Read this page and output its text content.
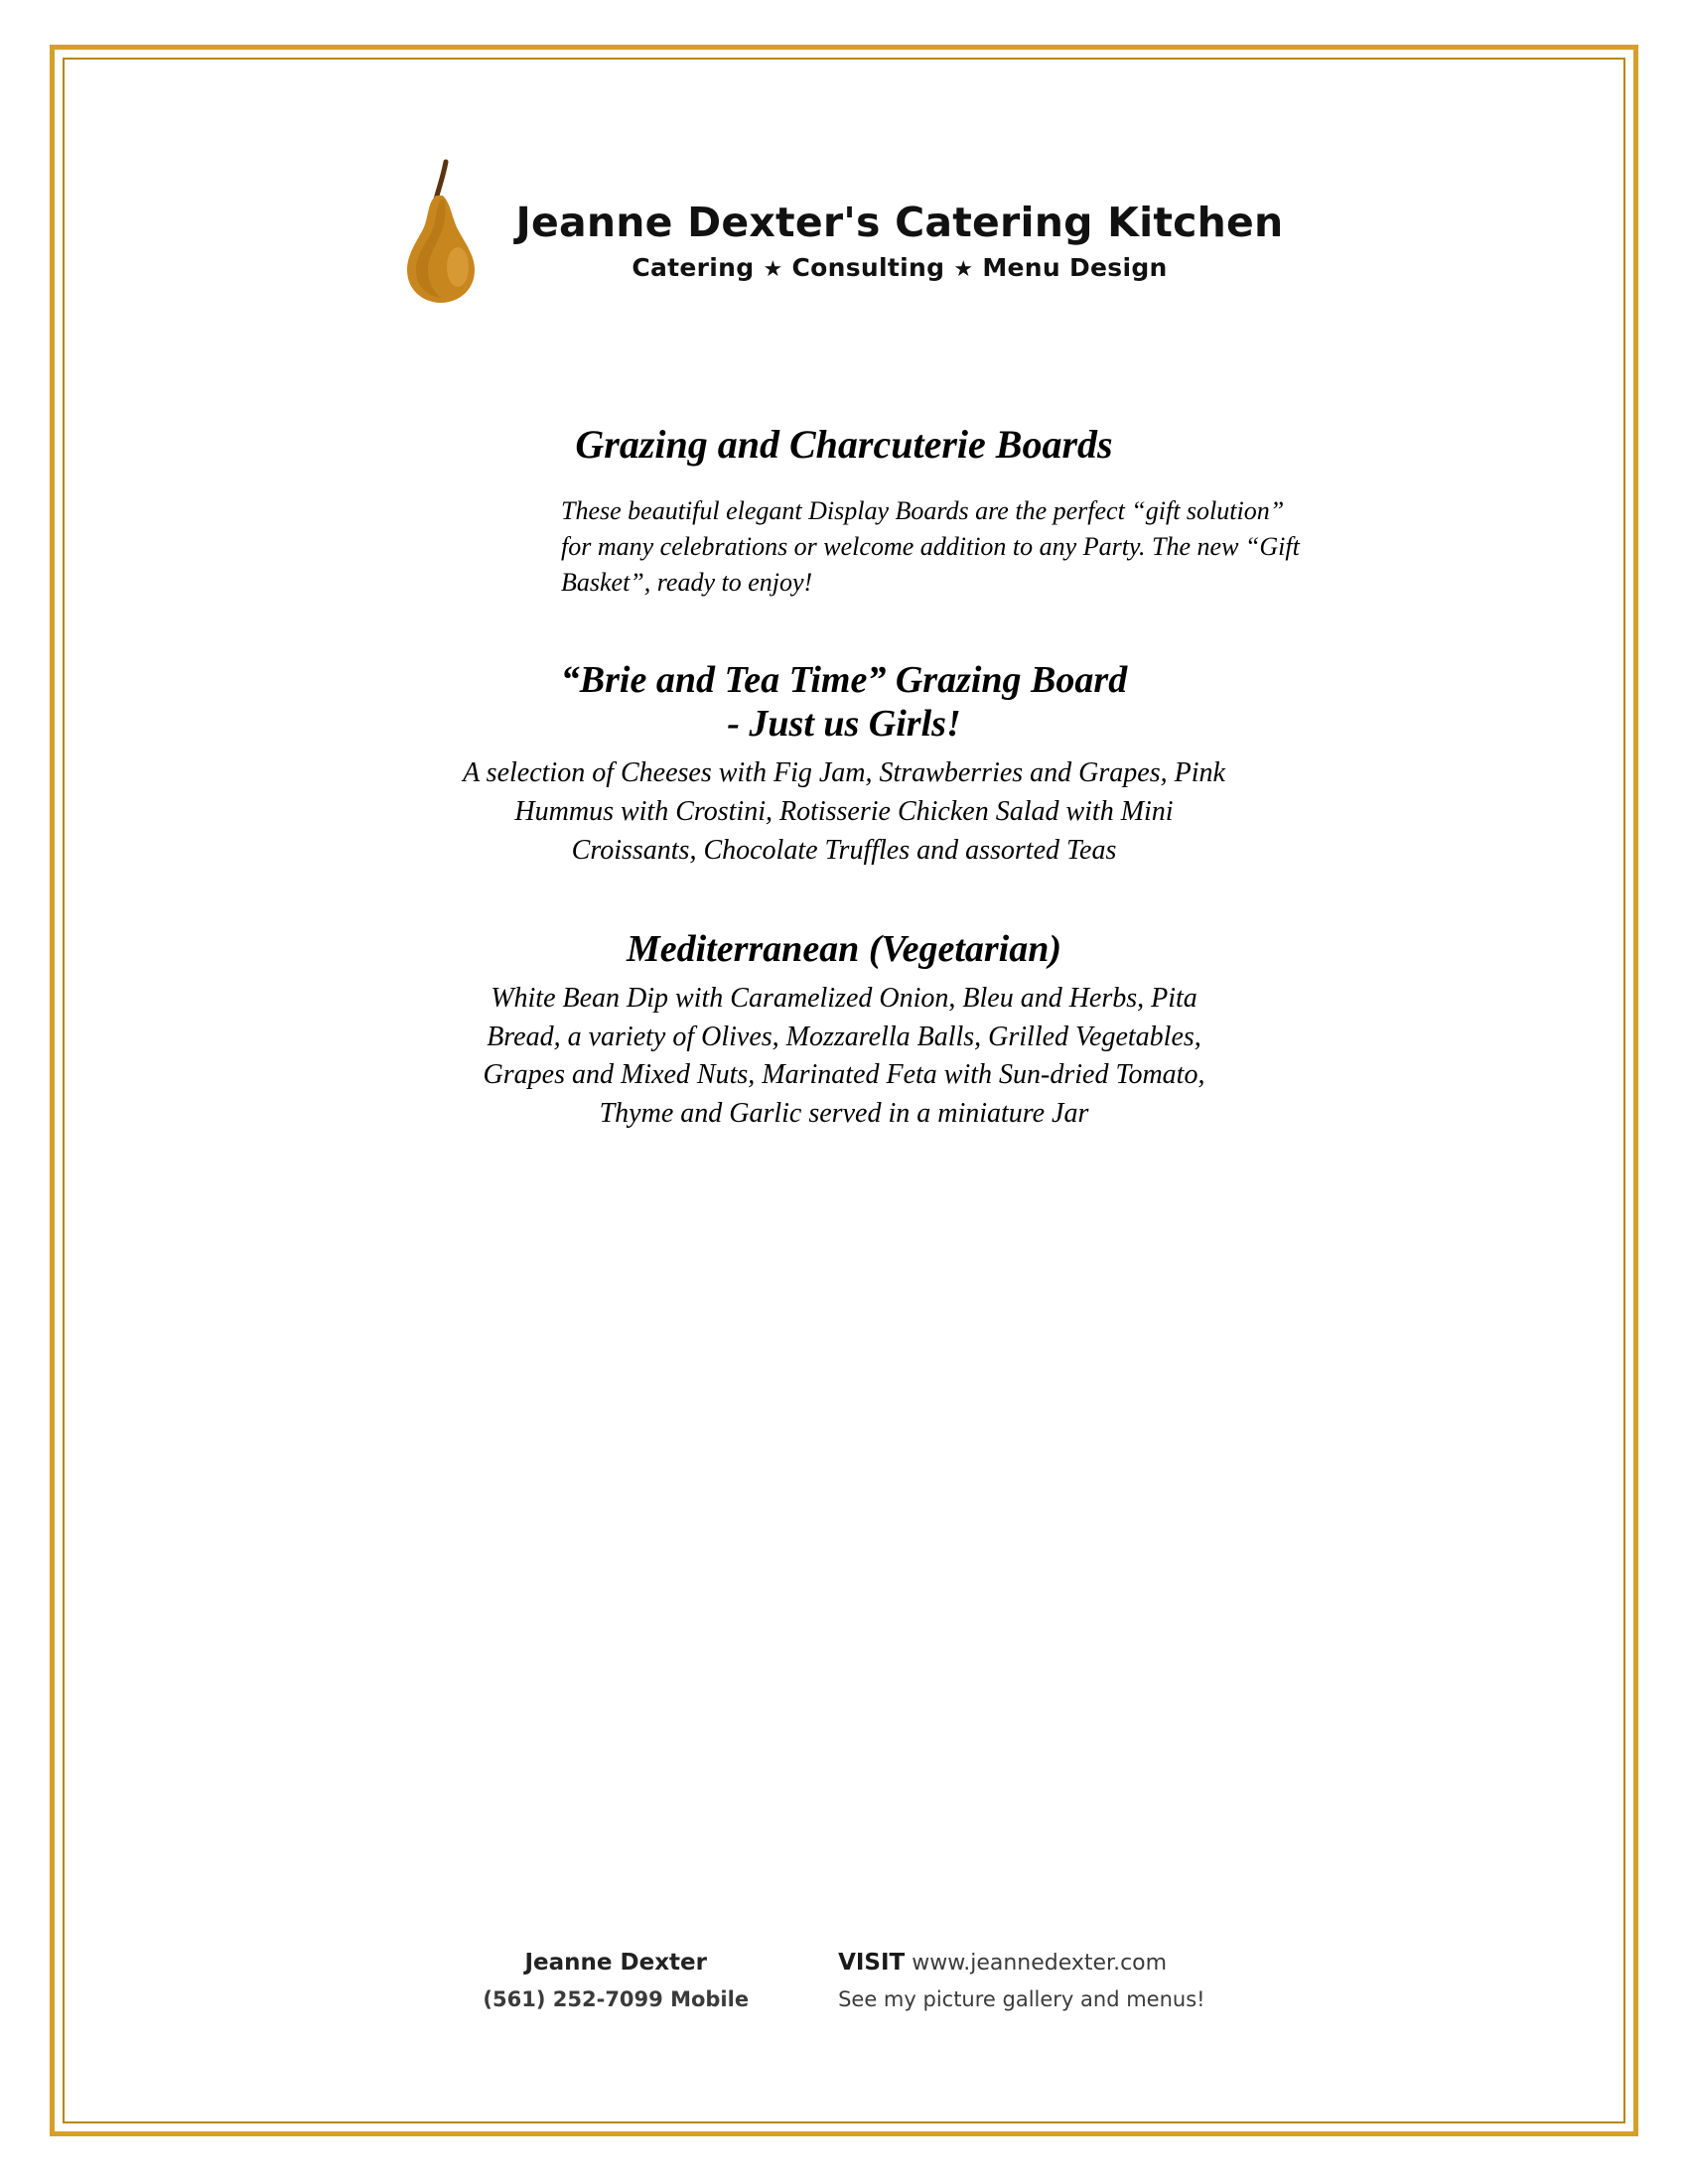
Jeanne Dexter's Catering Kitchen
Catering ★ Consulting ★ Menu Design
Grazing and Charcuterie Boards

These beautiful elegant Display Boards are the perfect “gift solution” for many celebrations or welcome addition to any Party. The new “Gift Basket”, ready to enjoy!

“Brie and Tea Time” Grazing Board
- Just us Girls!

A selection of Cheeses with Fig Jam, Strawberries and Grapes, Pink Hummus with Crostini, Rotisserie Chicken Salad with Mini Croissants, Chocolate Truffles and assorted Teas

Mediterranean (Vegetarian)

White Bean Dip with Caramelized Onion, Bleu and Herbs, Pita Bread, a variety of Olives, Mozzarella Balls, Grilled Vegetables, Grapes and Mixed Nuts, Marinated Feta with Sun-dried Tomato, Thyme and Garlic served in a miniature Jar

Jeanne Dexter
(561) 252-7099 Mobile
VISIT www.jeannedexter.com
See my picture gallery and menus!
